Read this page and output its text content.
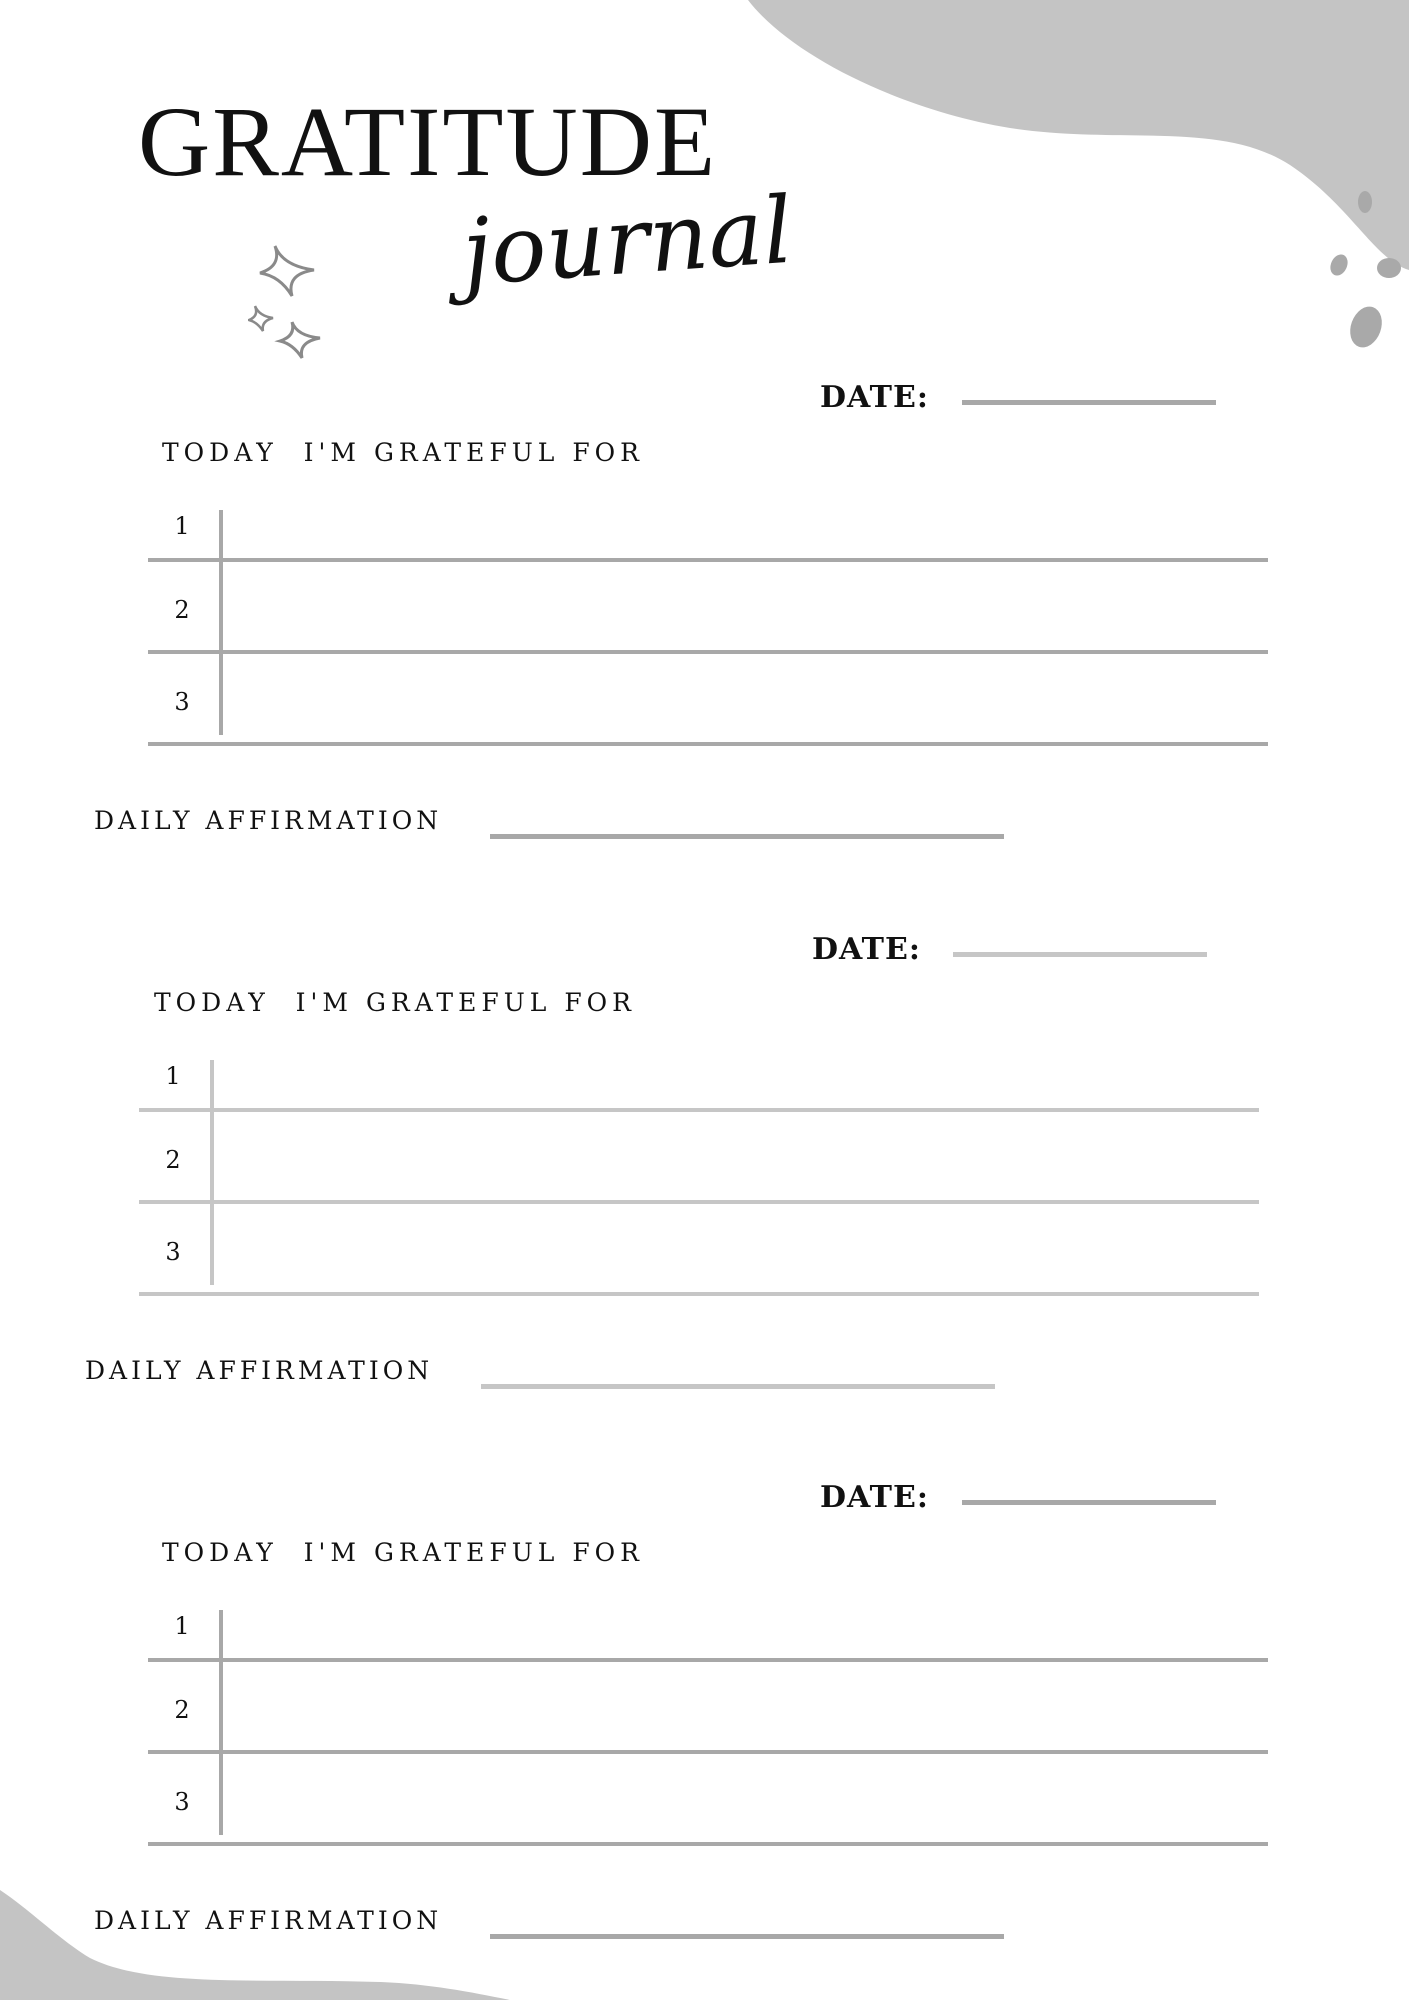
GRATITUDE
journal
DATE:
TODAY  I'M GRATEFUL FOR
1
2
3
DAILY AFFIRMATION
DATE:
TODAY  I'M GRATEFUL FOR
1
2
3
DAILY AFFIRMATION
DATE:
TODAY  I'M GRATEFUL FOR
1
2
3
DAILY AFFIRMATION
